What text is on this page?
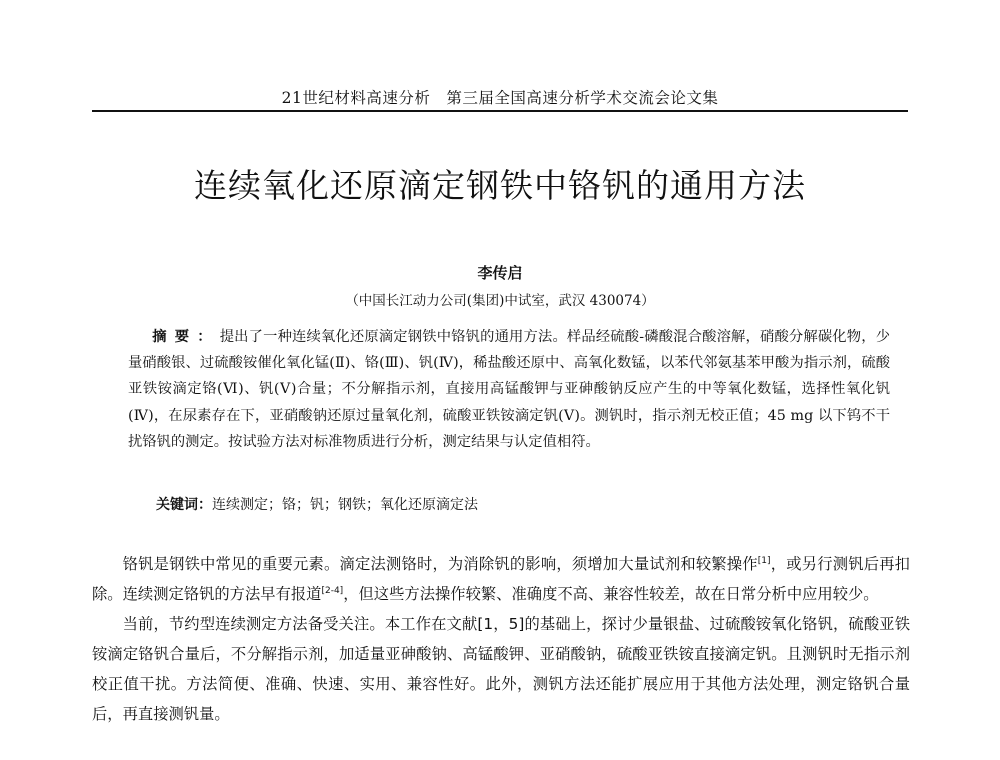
21世纪材料高速分析　第三届全国高速分析学术交流会论文集
连续氧化还原滴定钢铁中铬钒的通用方法
李传启
（中国长江动力公司(集团)中试室，武汉 430074）
摘要：提出了一种连续氧化还原滴定钢铁中铬钒的通用方法。样品经硫酸-磷酸混合酸溶解，硝酸分解碳化物，少量硝酸银、过硫酸铵催化氧化锰(Ⅱ)、铬(Ⅲ)、钒(Ⅳ)，稀盐酸还原中、高氧化数锰，以苯代邻氨基苯甲酸为指示剂，硫酸亚铁铵滴定铬(Ⅵ)、钒(Ⅴ)合量；不分解指示剂，直接用高锰酸钾与亚砷酸钠反应产生的中等氧化数锰，选择性氧化钒(Ⅳ)，在尿素存在下，亚硝酸钠还原过量氧化剂，硫酸亚铁铵滴定钒(Ⅴ)。测钒时，指示剂无校正值；45 mg 以下钨不干扰铬钒的测定。按试验方法对标准物质进行分析，测定结果与认定值相符。
关键词：连续测定；铬；钒；钢铁；氧化还原滴定法

铬钒是钢铁中常见的重要元素。滴定法测铬时，为消除钒的影响，须增加大量试剂和较繁操作[1]，或另行测钒后再扣除。连续测定铬钒的方法早有报道[2-4]，但这些方法操作较繁、准确度不高、兼容性较差，故在日常分析中应用较少。

当前，节约型连续测定方法备受关注。本工作在文献[1，5]的基础上，探讨少量银盐、过硫酸铵氧化铬钒，硫酸亚铁铵滴定铬钒合量后，不分解指示剂，加适量亚砷酸钠、高锰酸钾、亚硝酸钠，硫酸亚铁铵直接滴定钒。且测钒时无指示剂校正值干扰。方法简便、准确、快速、实用、兼容性好。此外，测钒方法还能扩展应用于其他方法处理，测定铬钒合量后，再直接测钒量。
